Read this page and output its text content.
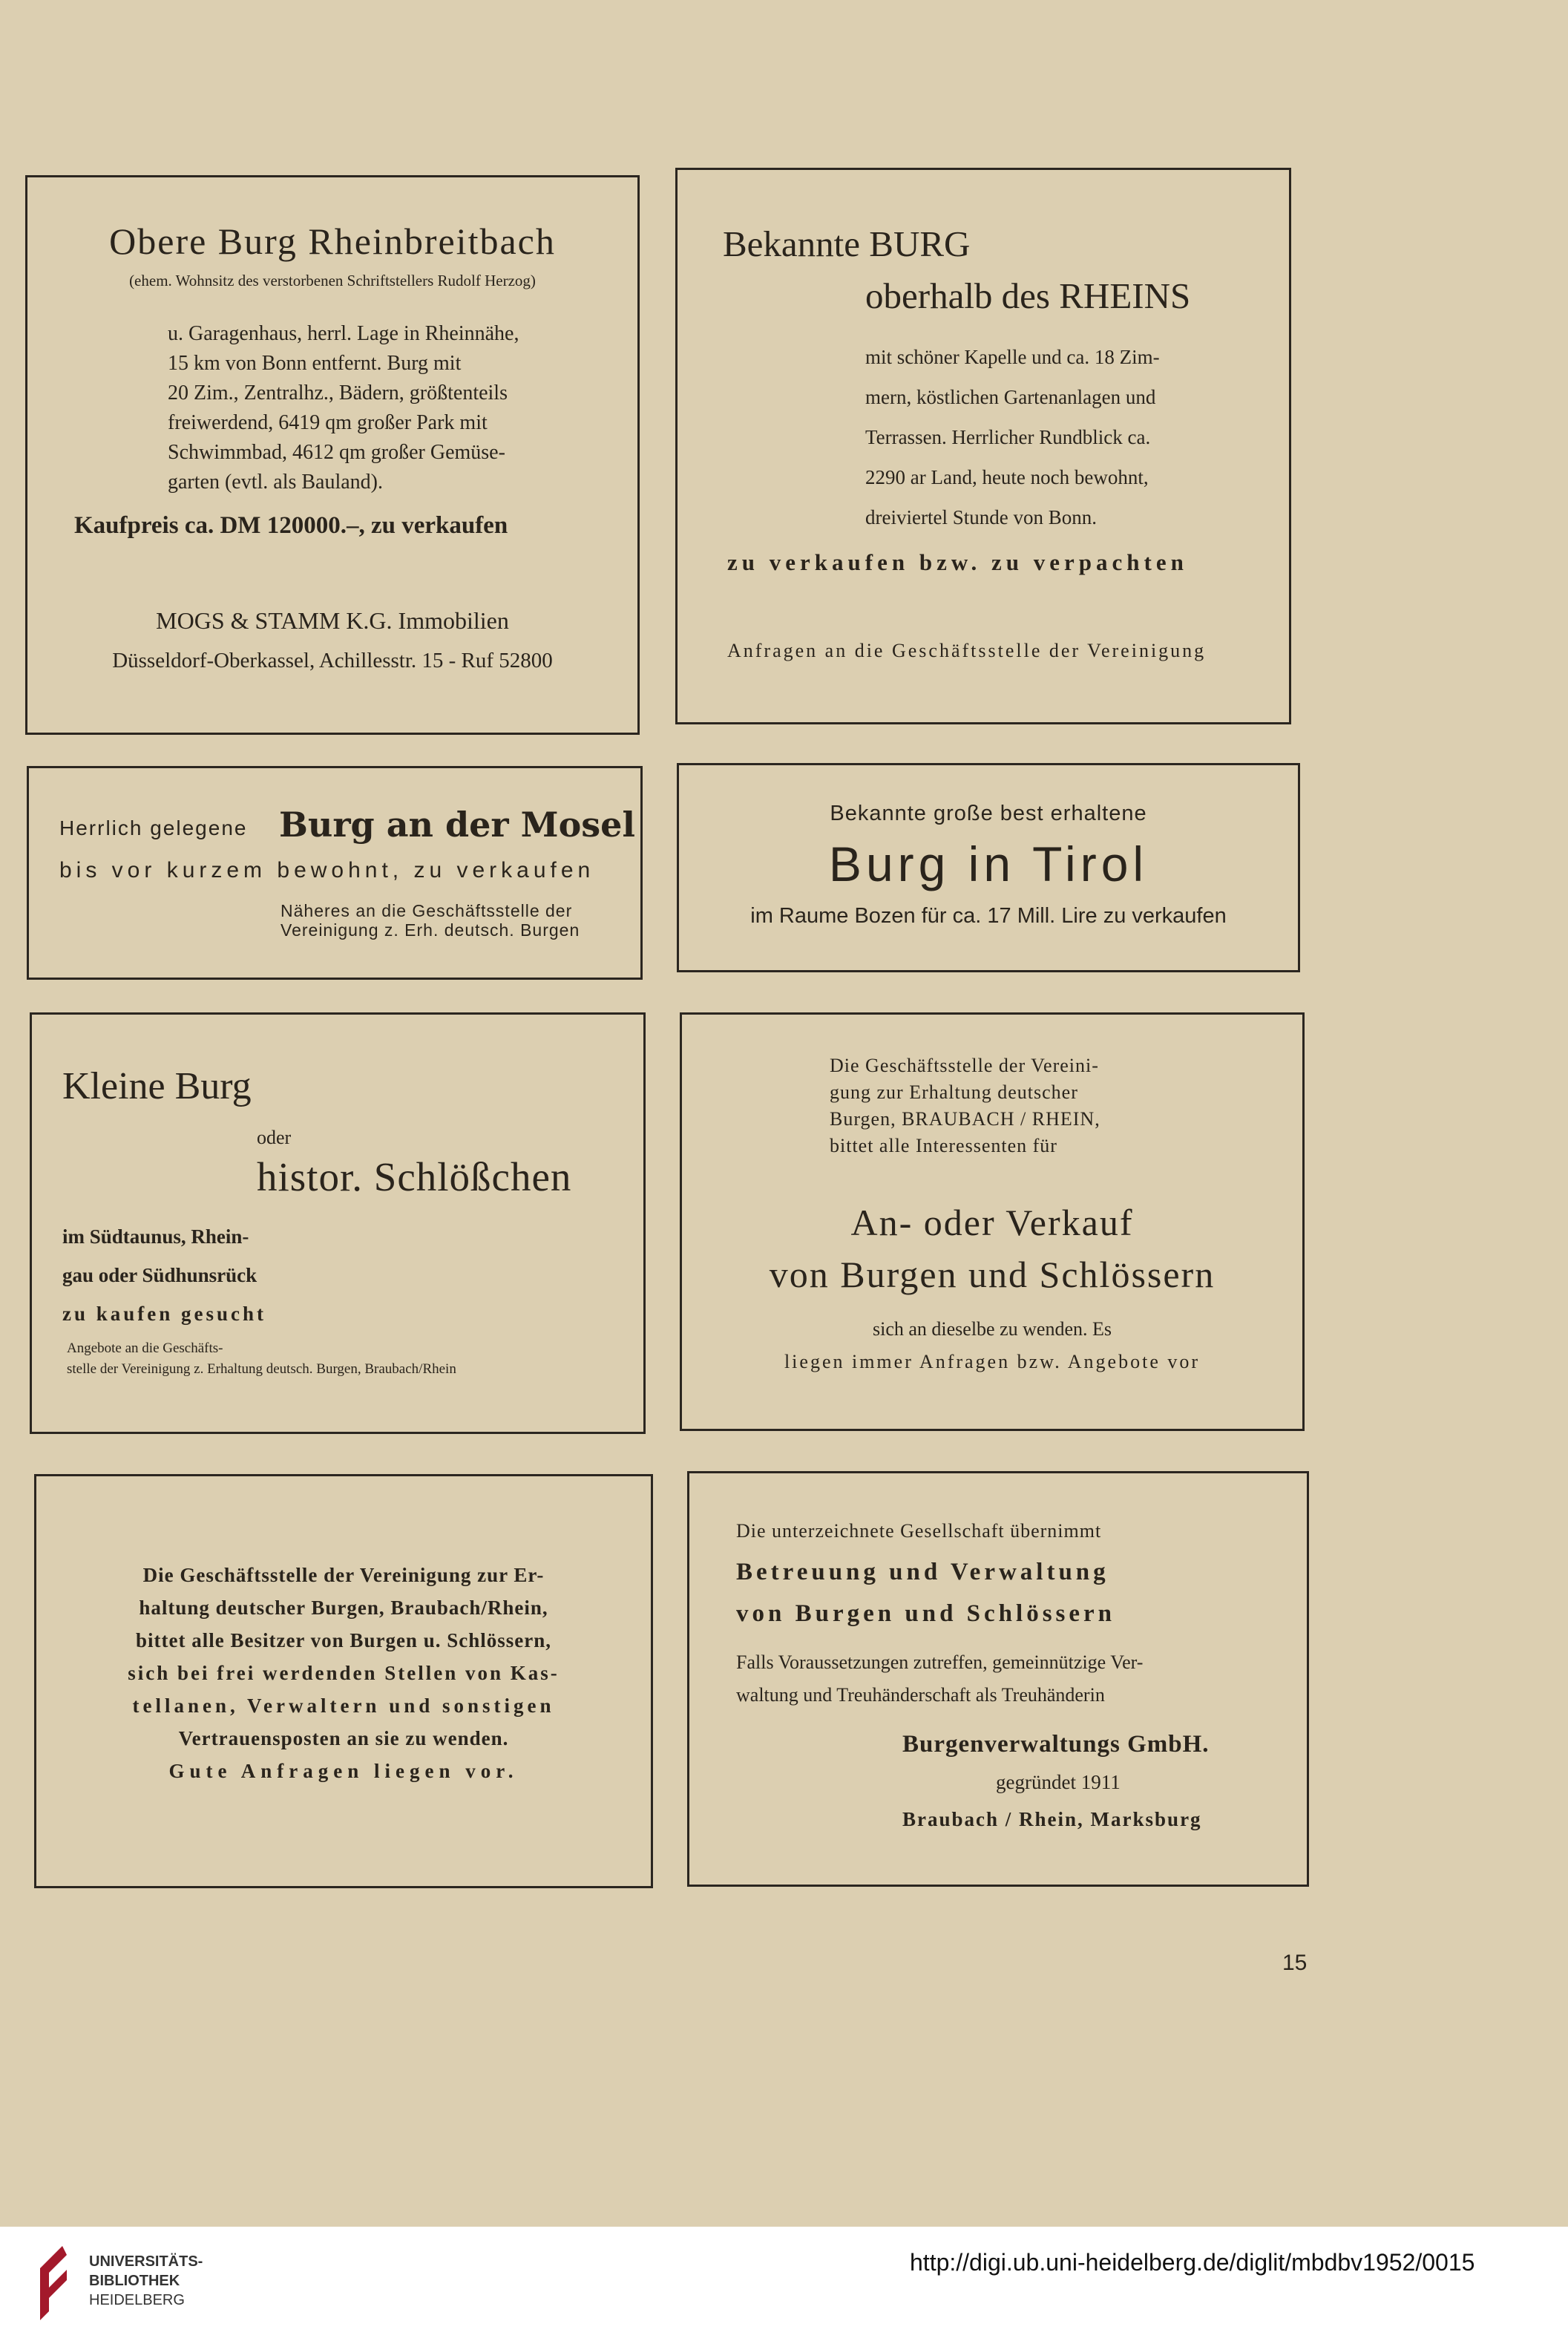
Obere Burg Rheinbreitbach
(ehem. Wohnsitz des verstorbenen Schriftstellers Rudolf Herzog)
u. Garagenhaus, herrl. Lage in Rheinnähe,
15 km von Bonn entfernt. Burg mit
20 Zim., Zentralhz., Bädern, größtenteils
freiwerdend, 6419 qm großer Park mit
Schwimmbad, 4612 qm großer Gemüse-
garten (evtl. als Bauland).
Kaufpreis ca. DM 120000.–, zu verkaufen
MOGS & STAMM K.G. Immobilien
Düsseldorf-Oberkassel, Achillesstr. 15 - Ruf 52800
Bekannte BURG
oberhalb des RHEINS
mit schöner Kapelle und ca. 18 Zim-
mern, köstlichen Gartenanlagen und
Terrassen. Herrlicher Rundblick ca.
2290 ar Land, heute noch bewohnt,
dreiviertel Stunde von Bonn.
zu verkaufen bzw. zu verpachten
Anfragen an die Geschäftsstelle der Vereinigung
Herrlich gelegene Burg an der Mosel
bis vor kurzem bewohnt, zu verkaufen
Näheres an die Geschäftsstelle der
Vereinigung z. Erh. deutsch. Burgen
Bekannte große best erhaltene
Burg in Tirol
im Raume Bozen für ca. 17 Mill. Lire zu verkaufen
Kleine Burg
oder
histor. Schlößchen
im Südtaunus, Rhein-
gau oder Südhunsrück
zu kaufen gesucht
Angebote an die Geschäfts-
stelle der Vereinigung z. Erhaltung deutsch. Burgen, Braubach/Rhein
Die Geschäftsstelle der Vereini-
gung zur Erhaltung deutscher
Burgen, BRAUBACH / RHEIN,
bittet alle Interessenten für
An- oder Verkauf
von Burgen und Schlössern
sich an dieselbe zu wenden. Es
liegen immer Anfragen bzw. Angebote vor
Die Geschäftsstelle der Vereinigung zur Er-
haltung deutscher Burgen, Braubach/Rhein,
bittet alle Besitzer von Burgen u. Schlössern,
sich bei frei werdenden Stellen von Kas-
tellanen, Verwaltern und sonstigen
Vertrauensposten an sie zu wenden.
Gute Anfragen liegen vor.
Die unterzeichnete Gesellschaft übernimmt
Betreuung und Verwaltung
von Burgen und Schlössern
Falls Voraussetzungen zutreffen, gemeinnützige Ver-
waltung und Treuhänderschaft als Treuhänderin
Burgenverwaltungs GmbH.
gegründet 1911
Braubach / Rhein, Marksburg
15
UNIVERSITÄTS-
BIBLIOTHEK
HEIDELBERG
http://digi.ub.uni-heidelberg.de/diglit/mbdbv1952/0015
